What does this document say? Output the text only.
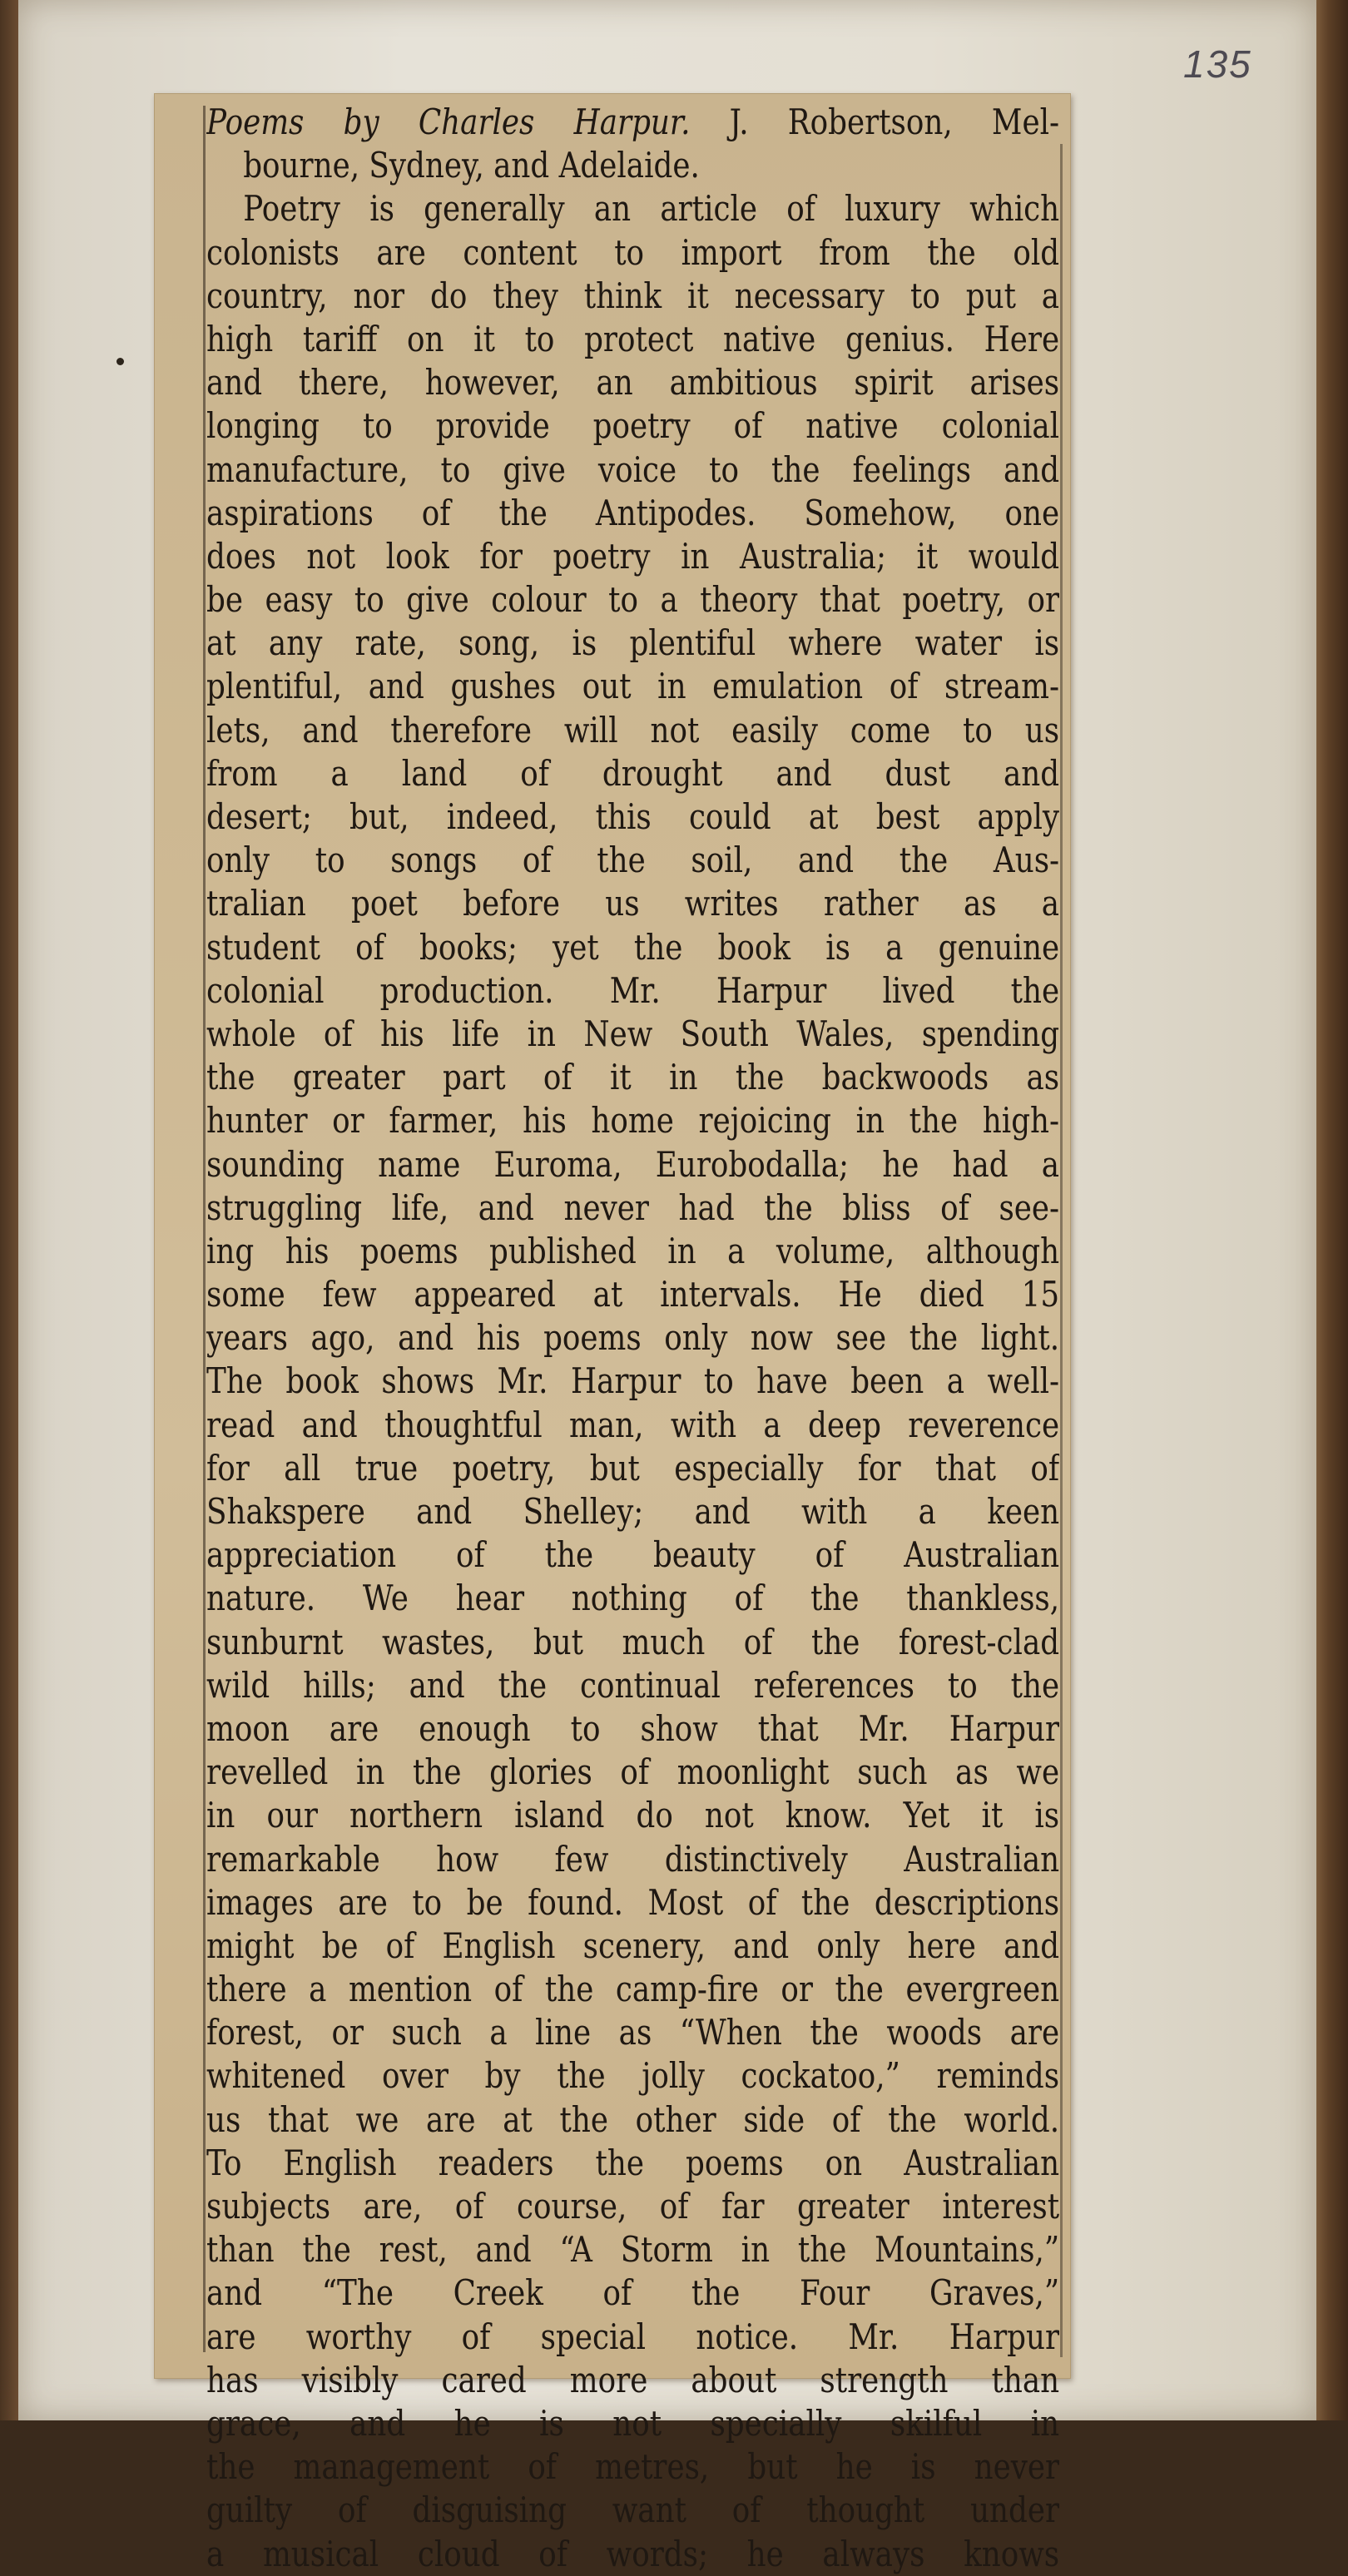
135
Poems by Charles Harpur. J. Robertson, Mel-
bourne, Sydney, and Adelaide.
Poetry is generally an article of luxury which
colonists are content to import from the old
country, nor do they think it necessary to put a
high tariff on it to protect native genius. Here
and there, however, an ambitious spirit arises
longing to provide poetry of native colonial
manufacture, to give voice to the feelings and
aspirations of the Antipodes. Somehow, one
does not look for poetry in Australia; it would
be easy to give colour to a theory that poetry, or
at any rate, song, is plentiful where water is
plentiful, and gushes out in emulation of stream-
lets, and therefore will not easily come to us
from a land of drought and dust and
desert; but, indeed, this could at best apply
only to songs of the soil, and the Aus-
tralian poet before us writes rather as a
student of books; yet the book is a genuine
colonial production. Mr. Harpur lived the
whole of his life in New South Wales, spending
the greater part of it in the backwoods as
hunter or farmer, his home rejoicing in the high-
sounding name Euroma, Eurobodalla; he had a
struggling life, and never had the bliss of see-
ing his poems published in a volume, although
some few appeared at intervals. He died 15
years ago, and his poems only now see the light.
The book shows Mr. Harpur to have been a well-
read and thoughtful man, with a deep reverence
for all true poetry, but especially for that of
Shakspere and Shelley; and with a keen
appreciation of the beauty of Australian
nature. We hear nothing of the thankless,
sunburnt wastes, but much of the forest-clad
wild hills; and the continual references to the
moon are enough to show that Mr. Harpur
revelled in the glories of moonlight such as we
in our northern island do not know. Yet it is
remarkable how few distinctively Australian
images are to be found. Most of the descriptions
might be of English scenery, and only here and
there a mention of the camp-fire or the evergreen
forest, or such a line as “When the woods are
whitened over by the jolly cockatoo,” reminds
us that we are at the other side of the world.
To English readers the poems on Australian
subjects are, of course, of far greater interest
than the rest, and “A Storm in the Mountains,”
and “The Creek of the Four Graves,”
are worthy of special notice. Mr. Harpur
has visibly cared more about strength than
grace, and he is not specially skilful in
the management of metres, but he is never
guilty of disguising want of thought under
a musical cloud of words; he always knows
